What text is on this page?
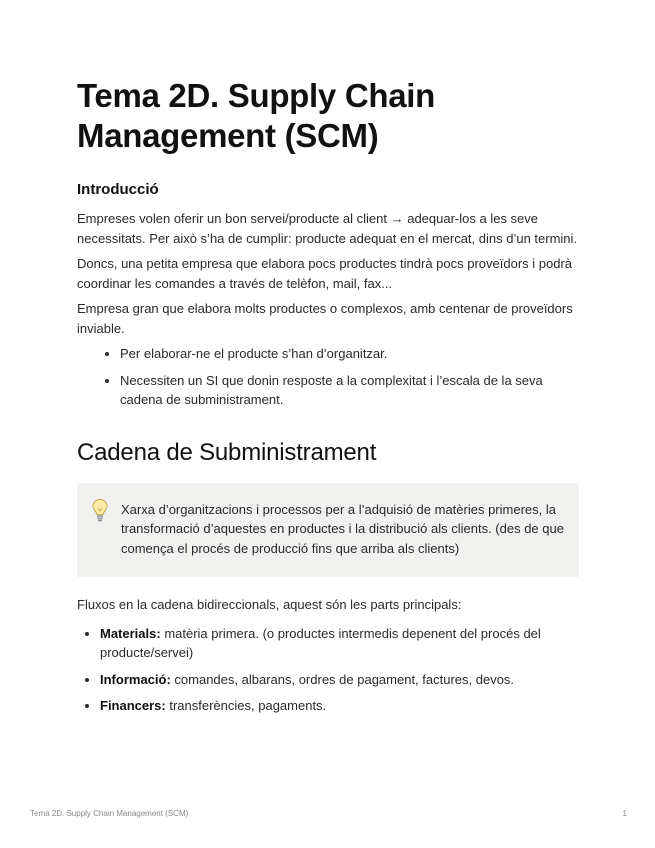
Tema 2D. Supply Chain Management (SCM)
Introducció

Empreses volen oferir un bon servei/producte al client → adequar-los a les seve necessitats. Per això s’ha de cumplir: producte adequat en el mercat, dins d’un termini.

Doncs, una petita empresa que elabora pocs productes tindrà pocs proveïdors i podrà coordinar les comandes a través de telèfon, mail, fax...

Empresa gran que elabora molts productes o complexos, amb centenar de proveïdors inviable.

• Per elaborar-ne el producte s’han d’organitzar.
• Necessiten un SI que donin resposte a la complexitat i l’escala de la seva cadena de subministrament.
Cadena de Subministrament
Xarxa d’organitzacions i processos per a l’adquisió de matèries primeres, la transformació d’aquestes en productes i la distribució als clients. (des de que comença el procés de producció fins que arriba als clients)

Fluxos en la cadena bidireccionals, aquest són les parts principals:

• Materials: matèria primera. (o productes intermedis depenent del procés del producte/servei)
• Informació: comandes, albarans, ordres de pagament, factures, devos.
• Financers: transferències, pagaments.
Tema 2D. Supply Chain Management (SCM)	1
